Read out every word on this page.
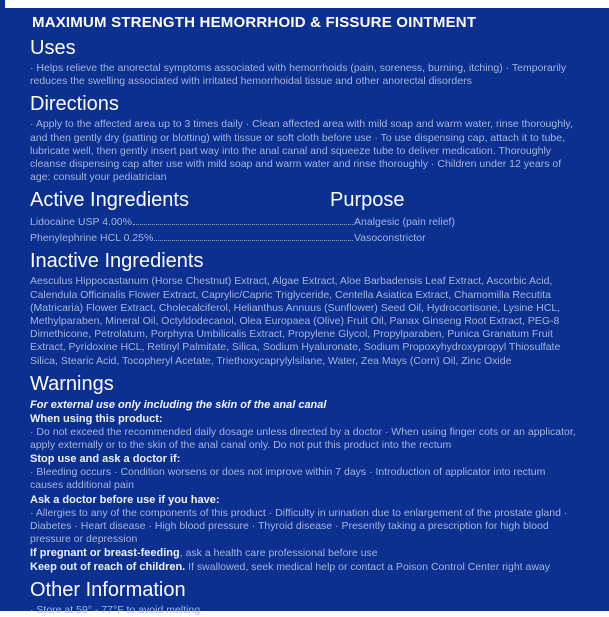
MAXIMUM STRENGTH HEMORRHOID & FISSURE OINTMENT
Uses

· Helps relieve the anorectal symptoms associated with hemorrhoids (pain, soreness, burning, itching) · Temporarily reduces the swelling associated with irritated hemorrhoidal tissue and other anorectal disorders

Directions

· Apply to the affected area up to 3 times daily · Clean affected area with mild soap and warm water, rinse thoroughly, and then gently dry (patting or blotting) with tissue or soft cloth before use · To use dispensing cap, attach it to tube, lubricate well, then gently insert part way into the anal canal and squeeze tube to deliver medication. Thoroughly cleanse dispensing cap after use with mild soap and warm water and rinse thoroughly · Children under 12 years of age: consult your pediatrician

Active Ingredients	Purpose
Lidocaine USP 4.00%	Analgesic (pain relief)
Phenylephrine HCL 0.25%	Vasoconstrictor
Inactive Ingredients

Aesculus Hippocastanum (Horse Chestnut) Extract, Algae Extract, Aloe Barbadensis Leaf Extract, Ascorbic Acid, Calendula Officinalis Flower Extract, Caprylic/Capric Triglyceride, Centella Asiatica Extract, Chamomilla Recutita (Matricaria) Flower Extract, Cholecalciferol, Helianthus Annuus (Sunflower) Seed Oil, Hydrocortisone, Lysine HCL, Methylparaben, Mineral Oil, Octyldodecanol, Olea Europaea (Olive) Fruit Oil, Panax Ginseng Root Extract, PEG-8 Dimethicone, Petrolatum, Porphyra Umbilicalis Extract, Propylene Glycol, Propylparaben, Punica Granatum Fruit Extract, Pyridoxine HCL, Retinyl Palmitate, Silica, Sodium Hyaluronate, Sodium Propoxyhydroxypropyl Thiosulfate Silica, Stearic Acid, Tocopheryl Acetate, Triethoxycaprylylsilane, Water, Zea Mays (Corn) Oil, Zinc Oxide

Warnings

For external use only including the skin of the anal canal

When using this product:

· Do not exceed the recommended daily dosage unless directed by a doctor · When using finger cots or an applicator, apply externally or to the skin of the anal canal only. Do not put this product into the rectum

Stop use and ask a doctor if:

· Bleeding occurs · Condition worsens or does not improve within 7 days · Introduction of applicator into rectum causes additional pain

Ask a doctor before use if you have:

· Allergies to any of the components of this product · Difficulty in urination due to enlargement of the prostate gland · Diabetes · Heart disease · High blood pressure · Thyroid disease · Presently taking a prescription for high blood pressure or depression

If pregnant or breast-feeding, ask a health care professional before use

Keep out of reach of children. If swallowed, seek medical help or contact a Poison Control Center right away

Other Information

· Store at 59° - 77°F to avoid melting
